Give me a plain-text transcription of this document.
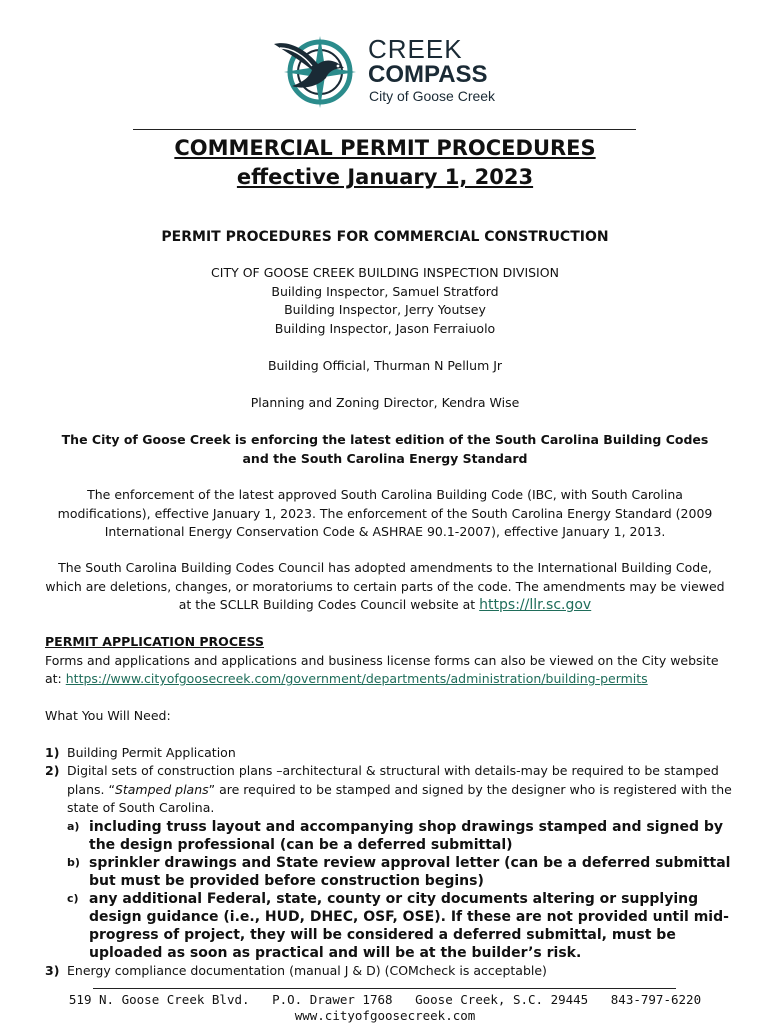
CREEK
COMPASS
City of Goose Creek
COMMERCIAL PERMIT PROCEDURES
effective January 1, 2023
PERMIT PROCEDURES FOR COMMERCIAL CONSTRUCTION
CITY OF GOOSE CREEK BUILDING INSPECTION DIVISION
Building Inspector, Samuel Stratford
Building Inspector, Jerry Youtsey
Building Inspector, Jason Ferraiuolo
Building Official, Thurman N Pellum Jr
Planning and Zoning Director, Kendra Wise
The City of Goose Creek is enforcing the latest edition of the South Carolina Building Codes and the South Carolina Energy Standard
The enforcement of the latest approved South Carolina Building Code (IBC, with South Carolina modifications), effective January 1, 2023. The enforcement of the South Carolina Energy Standard (2009 International Energy Conservation Code & ASHRAE 90.1-2007), effective January 1, 2013.
The South Carolina Building Codes Council has adopted amendments to the International Building Code, which are deletions, changes, or moratoriums to certain parts of the code. The amendments may be viewed at the SCLLR Building Codes Council website at https://llr.sc.gov
PERMIT APPLICATION PROCESS
Forms and applications and applications and business license forms can also be viewed on the City website at: https://www.cityofgoosecreek.com/government/departments/administration/building-permits
What You Will Need:
1) Building Permit Application
2) Digital sets of construction plans –architectural & structural with details-may be required to be stamped plans. “Stamped plans” are required to be stamped and signed by the designer who is registered with the state of South Carolina.
a) including truss layout and accompanying shop drawings stamped and signed by the design professional (can be a deferred submittal)
b) sprinkler drawings and State review approval letter (can be a deferred submittal but must be provided before construction begins)
c) any additional Federal, state, county or city documents altering or supplying design guidance (i.e., HUD, DHEC, OSF, OSE). If these are not provided until mid-progress of project, they will be considered a deferred submittal, must be uploaded as soon as practical and will be at the builder’s risk.
3) Energy compliance documentation (manual J & D) (COMcheck is acceptable)
519 N. Goose Creek Blvd. P.O. Drawer 1768 Goose Creek, S.C. 29445 843-797-6220
www.cityofgoosecreek.com
